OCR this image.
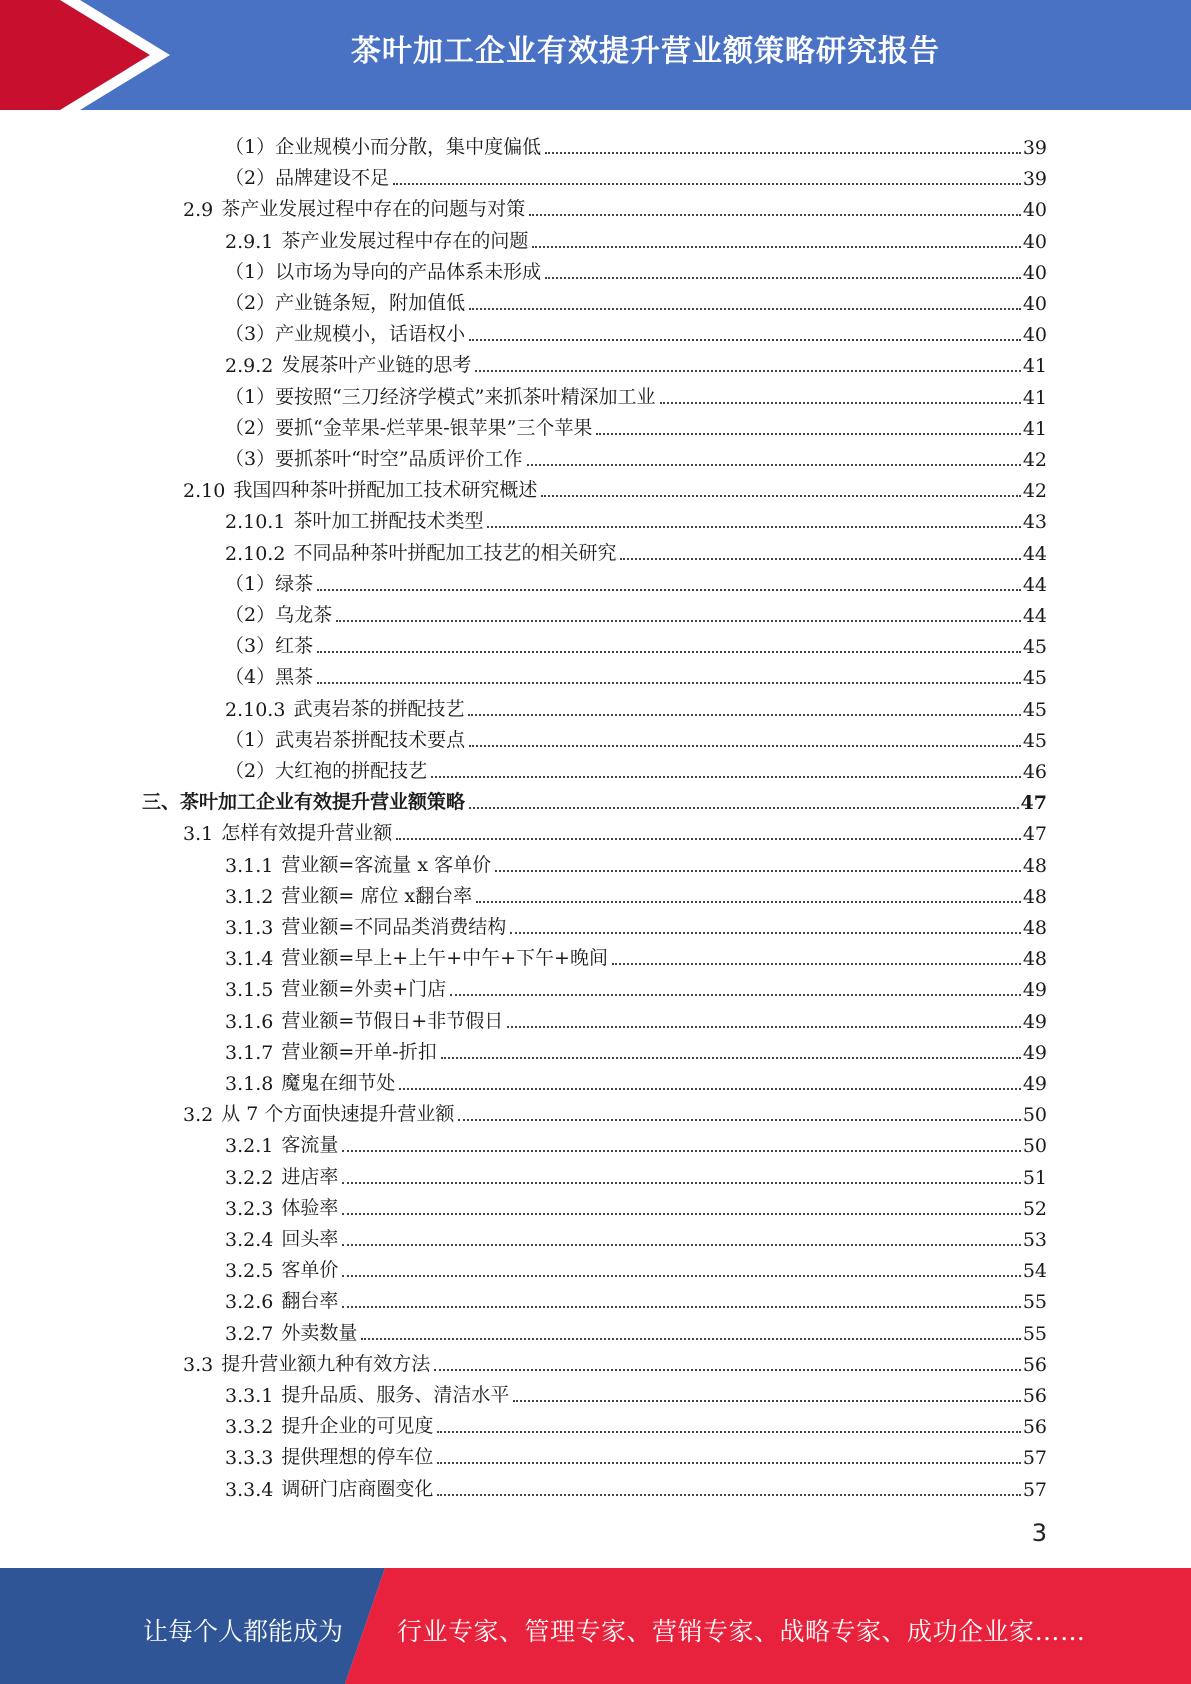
茶叶加工企业有效提升营业额策略研究报告
（1）企业规模小而分散，集中度偏低	39
（2）品牌建设不足	39
2.9 茶产业发展过程中存在的问题与对策	40
2.9.1 茶产业发展过程中存在的问题	40
（1）以市场为导向的产品体系未形成	40
（2）产业链条短，附加值低	40
（3）产业规模小，话语权小	40
2.9.2 发展茶叶产业链的思考	41
（1）要按照“三刀经济学模式”来抓茶叶精深加工业	41
（2）要抓“金苹果-烂苹果-银苹果”三个苹果	41
（3）要抓茶叶“时空”品质评价工作	42
2.10 我国四种茶叶拼配加工技术研究概述	42
2.10.1 茶叶加工拼配技术类型	43
2.10.2 不同品种茶叶拼配加工技艺的相关研究	44
（1）绿茶	44
（2）乌龙茶	44
（3）红茶	45
（4）黑茶	45
2.10.3 武夷岩茶的拼配技艺	45
（1）武夷岩茶拼配技术要点	45
（2）大红袍的拼配技艺	46
三、茶叶加工企业有效提升营业额策略	47
3.1 怎样有效提升营业额	47
3.1.1 营业额=客流量 x 客单价	48
3.1.2 营业额= 席位 x翻台率	48
3.1.3 营业额=不同品类消费结构	48
3.1.4 营业额=早上+上午+中午+下午+晚间	48
3.1.5 营业额=外卖+门店	49
3.1.6 营业额=节假日+非节假日	49
3.1.7 营业额=开单-折扣	49
3.1.8 魔鬼在细节处	49
3.2 从 7 个方面快速提升营业额	50
3.2.1 客流量	50
3.2.2 进店率	51
3.2.3 体验率	52
3.2.4 回头率	53
3.2.5 客单价	54
3.2.6 翻台率	55
3.2.7 外卖数量	55
3.3 提升营业额九种有效方法	56
3.3.1 提升品质、服务、清洁水平	56
3.3.2 提升企业的可见度	56
3.3.3 提供理想的停车位	57
3.3.4 调研门店商圈变化	57
3
让每个人都能成为 行业专家、管理专家、营销专家、战略专家、成功企业家……
